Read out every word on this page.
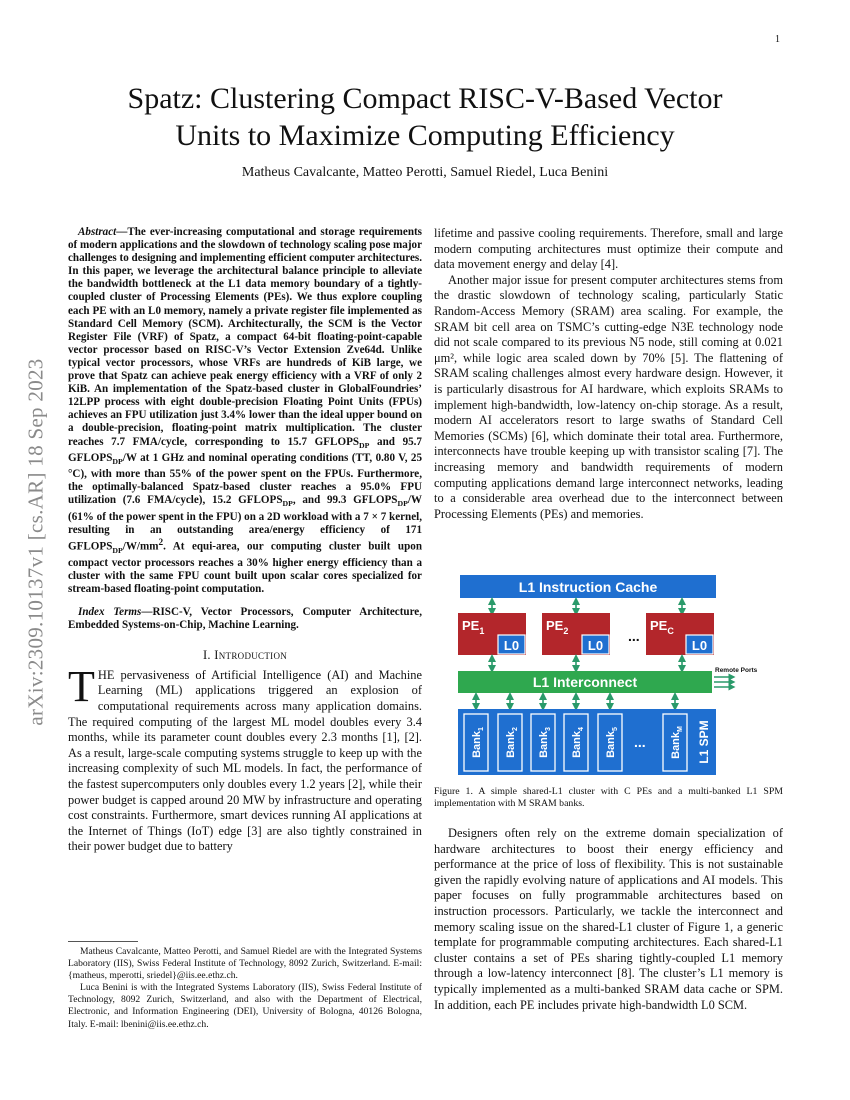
1
arXiv:2309.10137v1 [cs.AR] 18 Sep 2023
Spatz: Clustering Compact RISC-V-Based Vector
Units to Maximize Computing Efficiency
Matheus Cavalcante, Matteo Perotti, Samuel Riedel, Luca Benini

Abstract—The ever-increasing computational and storage requirements of modern applications and the slowdown of technology scaling pose major challenges to designing and implementing efficient computer architectures. In this paper, we leverage the architectural balance principle to alleviate the bandwidth bottleneck at the L1 data memory boundary of a tightly-coupled cluster of Processing Elements (PEs). We thus explore coupling each PE with an L0 memory, namely a private register file implemented as Standard Cell Memory (SCM). Architecturally, the SCM is the Vector Register File (VRF) of Spatz, a compact 64-bit floating-point-capable vector processor based on RISC-V’s Vector Extension Zve64d. Unlike typical vector processors, whose VRFs are hundreds of KiB large, we prove that Spatz can achieve peak energy efficiency with a VRF of only 2 KiB. An implementation of the Spatz-based cluster in GlobalFoundries’ 12LPP process with eight double-precision Floating Point Units (FPUs) achieves an FPU utilization just 3.4% lower than the ideal upper bound on a double-precision, floating-point matrix multiplication. The cluster reaches 7.7 FMA/cycle, corresponding to 15.7 $GFLOPS_{DP}$ and 95.7 $GFLOPS_{DP}/W$ at 1 GHz and nominal operating conditions (TT, 0.80 V, 25 °C), with more than 55% of the power spent on the FPUs. Furthermore, the optimally-balanced Spatz-based cluster reaches a 95.0% FPU utilization (7.6 FMA/cycle), 15.2 $GFLOPS_{DP}$, and 99.3 $GFLOPS_{DP}/W$ (61% of the power spent in the FPU) on a 2D workload with a 7 × 7 kernel, resulting in an outstanding area/energy efficiency of 171 $GFLOPS_{DP}/W/mm^2$. At equi-area, our computing cluster built upon compact vector processors reaches a 30% higher energy efficiency than a cluster with the same FPU count built upon scalar cores specialized for stream-based floating-point computation.

Index Terms—RISC-V, Vector Processors, Computer Architecture, Embedded Systems-on-Chip, Machine Learning.

I. Introduction

THE pervasiveness of Artificial Intelligence (AI) and Machine Learning (ML) applications triggered an explosion of computational requirements across many application domains. The required computing of the largest ML model doubles every 3.4 months, while its parameter count doubles every 2.3 months [1], [2]. As a result, large-scale computing systems struggle to keep up with the increasing complexity of such ML models. In fact, the performance of the fastest supercomputers only doubles every 1.2 years [2], while their power budget is capped around 20 MW by infrastructure and operating cost constraints. Furthermore, smart devices running AI applications at the Internet of Things (IoT) edge [3] are also tightly constrained in their power budget due to battery

Matheus Cavalcante, Matteo Perotti, and Samuel Riedel are with the Integrated Systems Laboratory (IIS), Swiss Federal Institute of Technology, 8092 Zurich, Switzerland. E-mail: {matheus, mperotti, sriedel}@iis.ee.ethz.ch.

Luca Benini is with the Integrated Systems Laboratory (IIS), Swiss Federal Institute of Technology, 8092 Zurich, Switzerland, and also with the Department of Electrical, Electronic, and Information Engineering (DEI), University of Bologna, 40126 Bologna, Italy. E-mail: lbenini@iis.ee.ethz.ch.

lifetime and passive cooling requirements. Therefore, small and large modern computing architectures must optimize their compute and data movement energy and delay [4].

Another major issue for present computer architectures stems from the drastic slowdown of technology scaling, particularly Static Random-Access Memory (SRAM) area scaling. For example, the SRAM bit cell area on TSMC’s cutting-edge N3E technology node did not scale compared to its previous N5 node, still coming at 0.021 μm², while logic area scaled down by 70% [5]. The flattening of SRAM scaling challenges almost every hardware design. However, it is particularly disastrous for AI hardware, which exploits SRAMs to implement high-bandwidth, low-latency on-chip storage. As a result, modern AI accelerators resort to large swaths of Standard Cell Memories (SCMs) [6], which dominate their total area. Furthermore, interconnects have trouble keeping up with transistor scaling [7]. The increasing memory and bandwidth requirements of modern computing applications demand large interconnect networks, leading to a considerable area overhead due to the interconnect between Processing Elements (PEs) and memories.

L1 Instruction Cache
$PE_1$
L0
$PE_2$
L0
...
$PE_C$
L0
L1 Interconnect
Remote Ports
Bank$_1$
Bank$_2$
Bank$_3$
Bank$_4$
Bank$_5$
Bank$_M$
...	L1 SPM
Figure 1. A simple shared-L1 cluster with C PEs and a multi-banked L1 SPM implementation with M SRAM banks.

Designers often rely on the extreme domain specialization of hardware architectures to boost their energy efficiency and performance at the price of loss of flexibility. This is not sustainable given the rapidly evolving nature of applications and AI models. This paper focuses on fully programmable architectures based on instruction processors. Particularly, we tackle the interconnect and memory scaling issue on the shared-L1 cluster of Figure 1, a generic template for programmable computing architectures. Each shared-L1 cluster contains a set of PEs sharing tightly-coupled L1 memory through a low-latency interconnect [8]. The cluster’s L1 memory is typically implemented as a multi-banked SRAM data cache or SPM. In addition, each PE includes private high-bandwidth L0 SCM.
